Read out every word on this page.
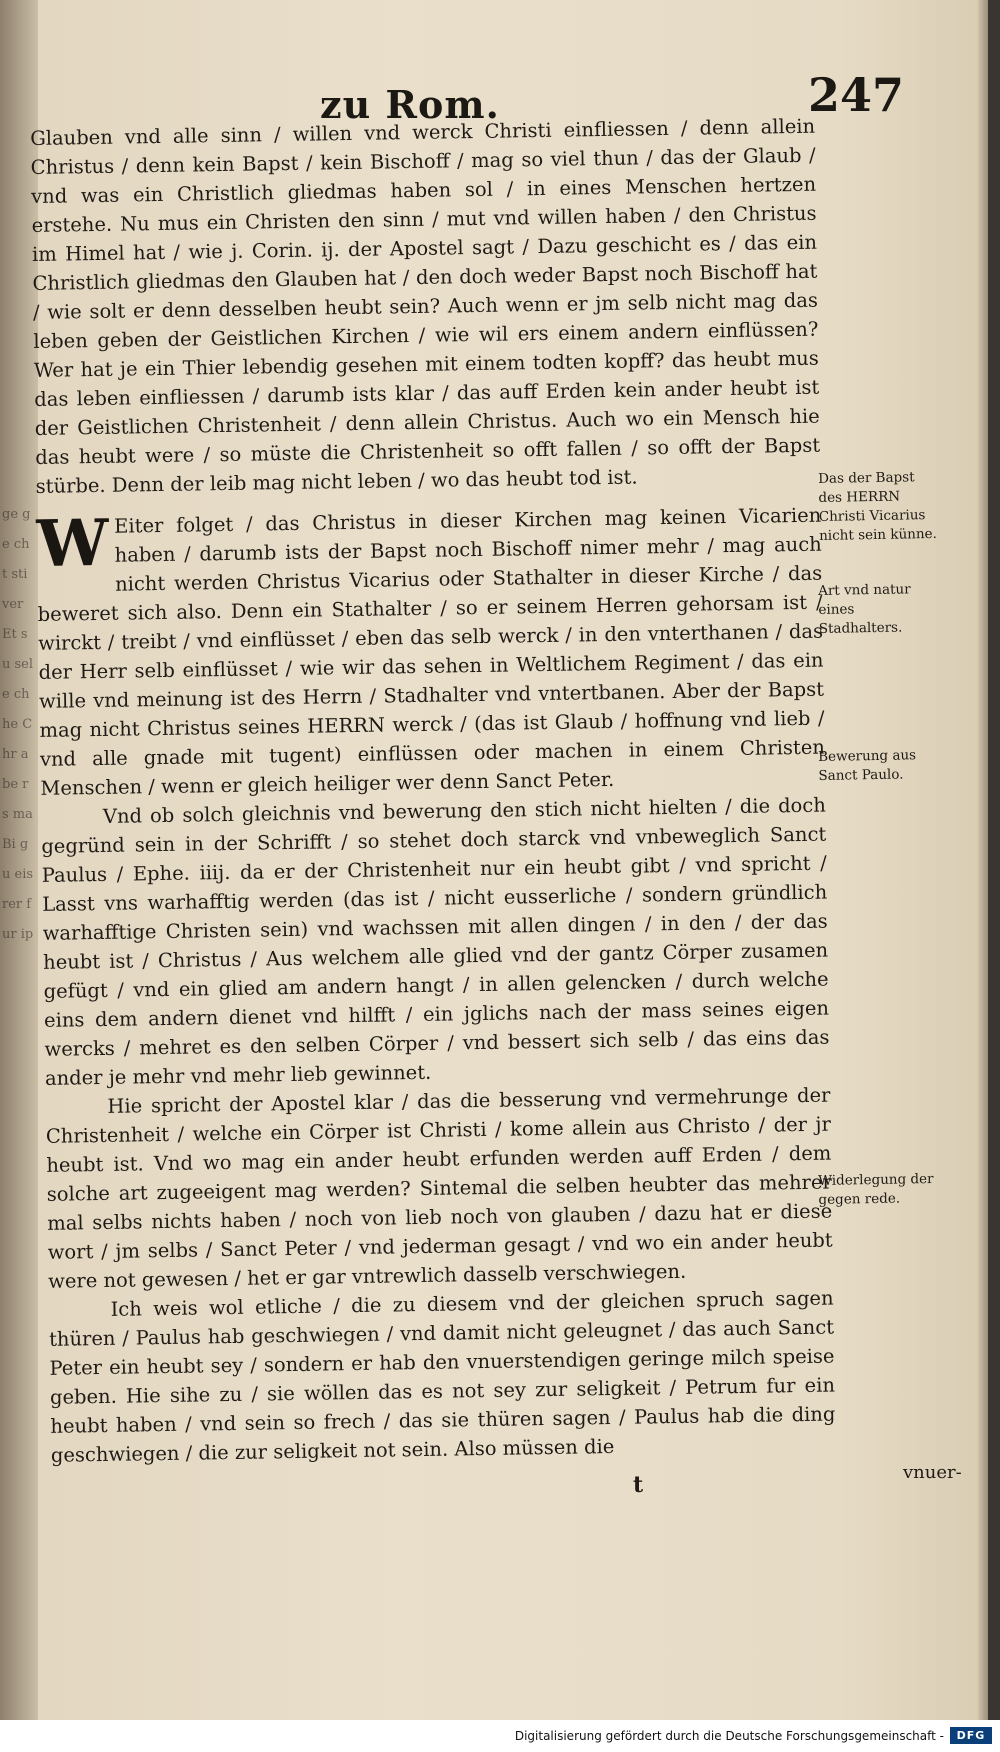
ge ge cht sti ver Et su sel e ch he Chr abe rs ma Bi gu eis rer fur ip
zu Rom.	247

Glauben vnd alle sinn / willen vnd werck Christi einfliessen / denn allein Christus / denn kein Bapst / kein Bischoff / mag so viel thun / das der Glaub / vnd was ein Christlich gliedmas haben sol / in eines Menschen hertzen erstehe. Nu mus ein Christen den sinn / mut vnd willen haben / den Christus im Himel hat / wie j. Corin. ij. der Apostel sagt / Dazu geschicht es / das ein Christlich gliedmas den Glauben hat / den doch weder Bapst noch Bischoff hat / wie solt er denn desselben heubt sein? Auch wenn er jm selb nicht mag das leben geben der Geistlichen Kirchen / wie wil ers einem andern einflüssen? Wer hat je ein Thier lebendig gesehen mit einem todten kopff? das heubt mus das leben einfliessen / darumb ists klar / das auff Erden kein ander heubt ist der Geistlichen Christenheit / denn allein Christus. Auch wo ein Mensch hie das heubt were / so müste die Christenheit so offt fallen / so offt der Bapst stürbe. Denn der leib mag nicht leben / wo das heubt tod ist.

W Eiter folget / das Christus in dieser Kirchen mag keinen Vicarien haben / darumb ists der Bapst noch Bischoff nimer mehr / mag auch nicht werden Christus Vicarius oder Stathalter in dieser Kirche / das beweret sich also. Denn ein Stathalter / so er seinem Herren gehorsam ist / wirckt / treibt / vnd einflüsset / eben das selb werck / in den vnterthanen / das der Herr selb einflüsset / wie wir das sehen in Weltlichem Regiment / das ein wille vnd meinung ist des Herrn / Stadhalter vnd vntertbanen. Aber der Bapst mag nicht Christus seines HERRN werck / (das ist Glaub / hoffnung vnd lieb / vnd alle gnade mit tugent) einflüssen oder machen in einem Christen Menschen / wenn er gleich heiliger wer denn Sanct Peter.

Vnd ob solch gleichnis vnd bewerung den stich nicht hielten / die doch gegründ sein in der Schrifft / so stehet doch starck vnd vnbeweglich Sanct Paulus / Ephe. iiij. da er der Christenheit nur ein heubt gibt / vnd spricht / Lasst vns warhafftig werden (das ist / nicht eusserliche / sondern gründlich warhafftige Christen sein) vnd wachssen mit allen dingen / in den / der das heubt ist / Christus / Aus welchem alle glied vnd der gantz Cörper zusamen gefügt / vnd ein glied am andern hangt / in allen gelencken / durch welche eins dem andern dienet vnd hilfft / ein jglichs nach der mass seines eigen wercks / mehret es den selben Cörper / vnd bessert sich selb / das eins das ander je mehr vnd mehr lieb gewinnet.

Hie spricht der Apostel klar / das die besserung vnd vermehrunge der Christenheit / welche ein Cörper ist Christi / kome allein aus Christo / der jr heubt ist. Vnd wo mag ein ander heubt erfunden werden auff Erden / dem solche art zugeeigent mag werden? Sintemal die selben heubter das mehrer mal selbs nichts haben / noch von lieb noch von glauben / dazu hat er diese wort / jm selbs / Sanct Peter / vnd jederman gesagt / vnd wo ein ander heubt were not gewesen / het er gar vntrewlich dasselb verschwiegen.

Ich weis wol etliche / die zu diesem vnd der gleichen spruch sagen thüren / Paulus hab geschwiegen / vnd damit nicht geleugnet / das auch Sanct Peter ein heubt sey / sondern er hab den vnuerstendigen geringe milch speise geben. Hie sihe zu / sie wöllen das es not sey zur seligkeit / Petrum fur ein heubt haben / vnd sein so frech / das sie thüren sagen / Paulus hab die ding geschwiegen / die zur seligkeit not sein. Also müssen die

Das der Bapst des HERRN Christi Vicarius nicht sein künne.
Art vnd natur eines Stadhalters.
Bewerung aus Sanct Paulo.
Widerlegung der gegen rede.
t	vnuer-
Digitalisierung gefördert durch die Deutsche Forschungsgemeinschaft -	DFG
